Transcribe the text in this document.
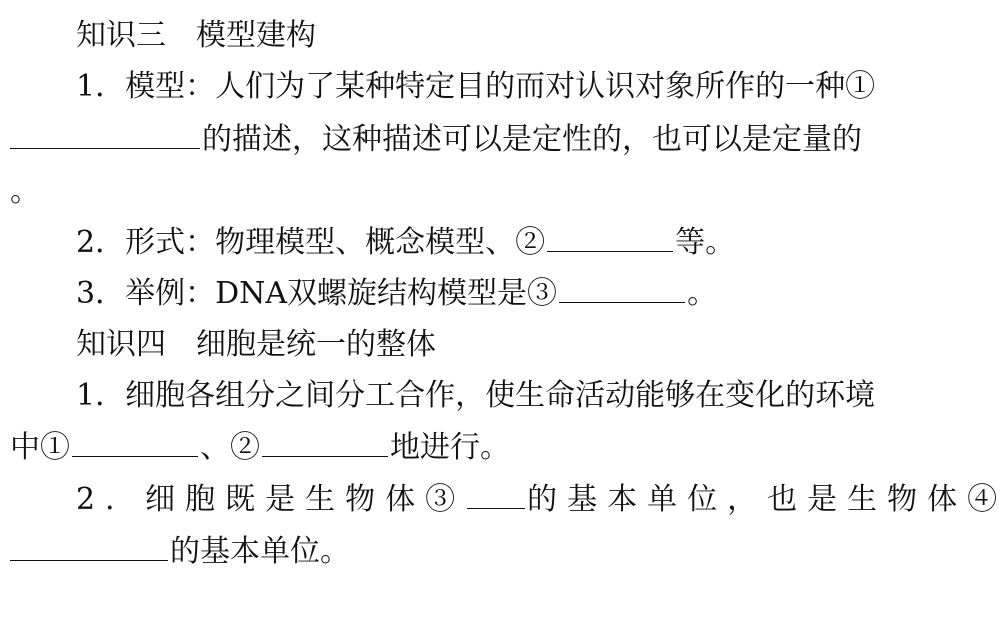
知识三 模型建构
1．模型：人们为了某种特定目的而对认识对象所作的一种①
的描述，这种描述可以是定性的，也可以是定量的
。
2．形式：物理模型、概念模型、②	等。
3．举例：DNA双螺旋结构模型是③	。
知识四 细胞是统一的整体
1．细胞各组分之间分工合作，使生命活动能够在变化的环境
中①	、②	地进行。
2．细胞既是生物体③ 的基本单位，也是生物体④
的基本单位。
